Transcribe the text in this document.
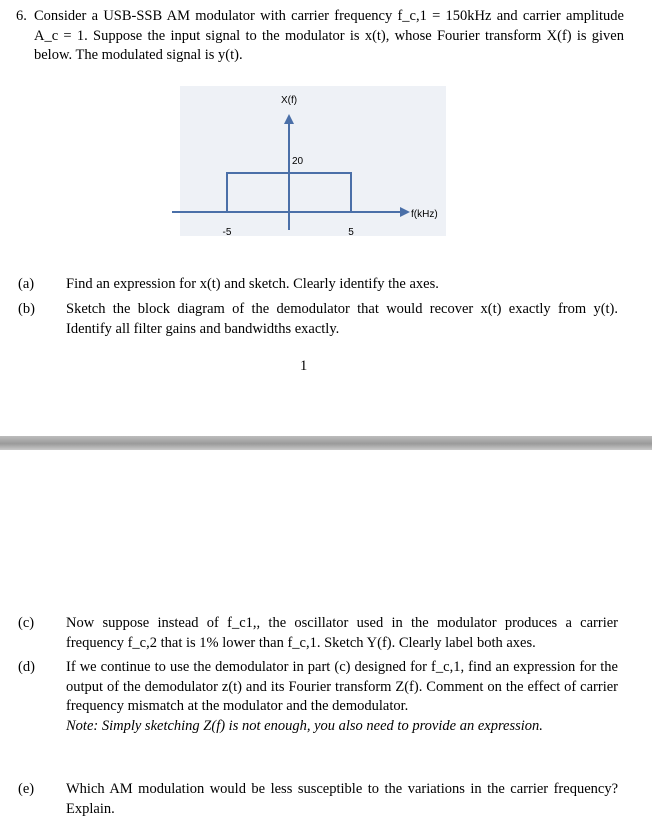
6. Consider a USB-SSB AM modulator with carrier frequency f_c,1 = 150kHz and carrier amplitude A_c = 1. Suppose the input signal to the modulator is x(t), whose Fourier transform X(f) is given below. The modulated signal is y(t).
X(f)
20
f(kHz)
-5	5
(a) Find an expression for x(t) and sketch. Clearly identify the axes.
(b) Sketch the block diagram of the demodulator that would recover x(t) exactly from y(t). Identify all filter gains and bandwidths exactly.
1
(c) Now suppose instead of f_c1,, the oscillator used in the modulator produces a carrier frequency f_c,2 that is 1% lower than f_c,1. Sketch Y(f). Clearly label both axes.
(d) If we continue to use the demodulator in part (c) designed for f_c,1, find an expression for the output of the demodulator z(t) and its Fourier transform Z(f). Comment on the effect of carrier frequency mismatch at the modulator and the demodulator.
Note: Simply sketching Z(f) is not enough, you also need to provide an expression.
(e) Which AM modulation would be less susceptible to the variations in the carrier frequency? Explain.
